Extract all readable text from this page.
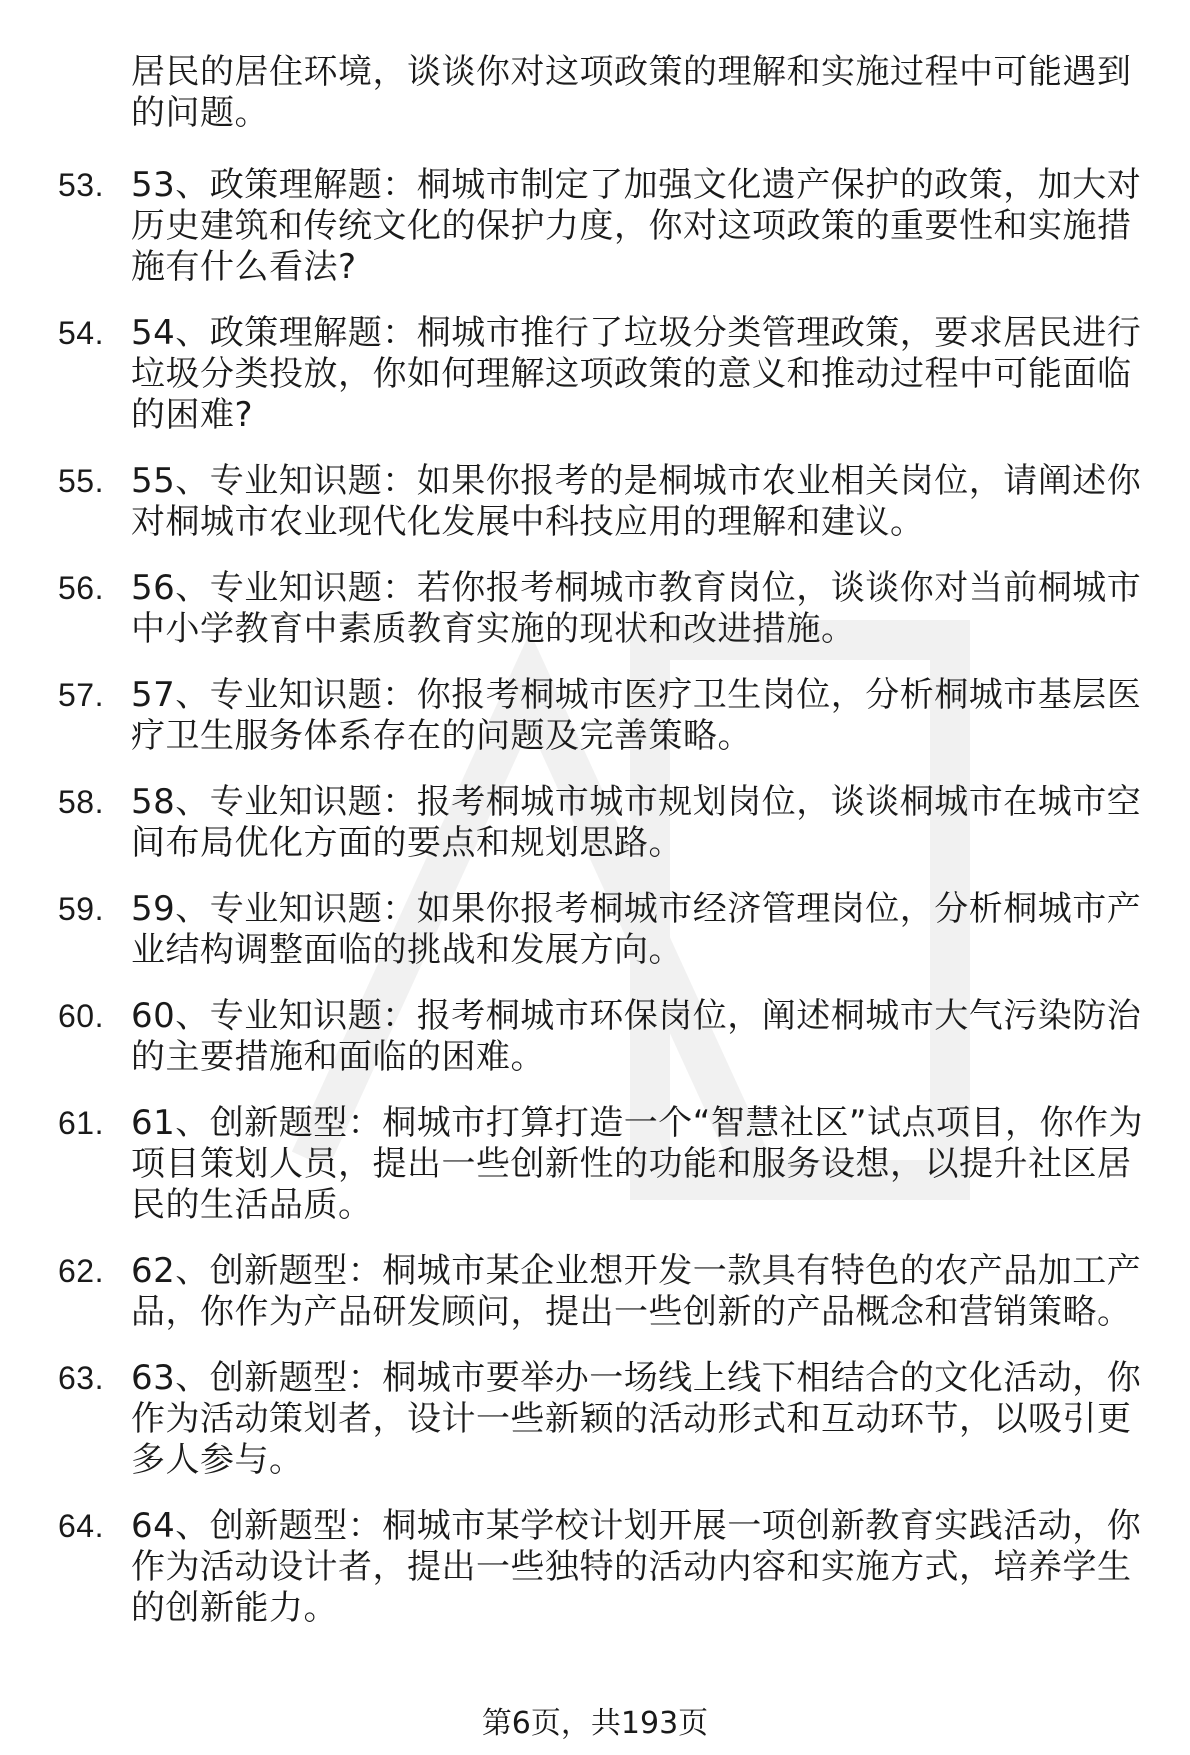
居民的居住环境，谈谈你对这项政策的理解和实施过程中可能遇到的问题。
53. 53、政策理解题：桐城市制定了加强文化遗产保护的政策，加大对历史建筑和传统文化的保护力度，你对这项政策的重要性和实施措施有什么看法?
54. 54、政策理解题：桐城市推行了垃圾分类管理政策，要求居民进行垃圾分类投放，你如何理解这项政策的意义和推动过程中可能面临的困难?
55. 55、专业知识题：如果你报考的是桐城市农业相关岗位，请阐述你对桐城市农业现代化发展中科技应用的理解和建议。
56. 56、专业知识题：若你报考桐城市教育岗位，谈谈你对当前桐城市中小学教育中素质教育实施的现状和改进措施。
57. 57、专业知识题：你报考桐城市医疗卫生岗位，分析桐城市基层医疗卫生服务体系存在的问题及完善策略。
58. 58、专业知识题：报考桐城市城市规划岗位，谈谈桐城市在城市空间布局优化方面的要点和规划思路。
59. 59、专业知识题：如果你报考桐城市经济管理岗位，分析桐城市产业结构调整面临的挑战和发展方向。
60. 60、专业知识题：报考桐城市环保岗位，阐述桐城市大气污染防治的主要措施和面临的困难。
61. 61、创新题型：桐城市打算打造一个“智慧社区”试点项目，你作为项目策划人员，提出一些创新性的功能和服务设想，以提升社区居民的生活品质。
62. 62、创新题型：桐城市某企业想开发一款具有特色的农产品加工产品，你作为产品研发顾问，提出一些创新的产品概念和营销策略。
63. 63、创新题型：桐城市要举办一场线上线下相结合的文化活动，你作为活动策划者，设计一些新颖的活动形式和互动环节，以吸引更多人参与。
64. 64、创新题型：桐城市某学校计划开展一项创新教育实践活动，你作为活动设计者，提出一些独特的活动内容和实施方式，培养学生的创新能力。
第6页，共193页
